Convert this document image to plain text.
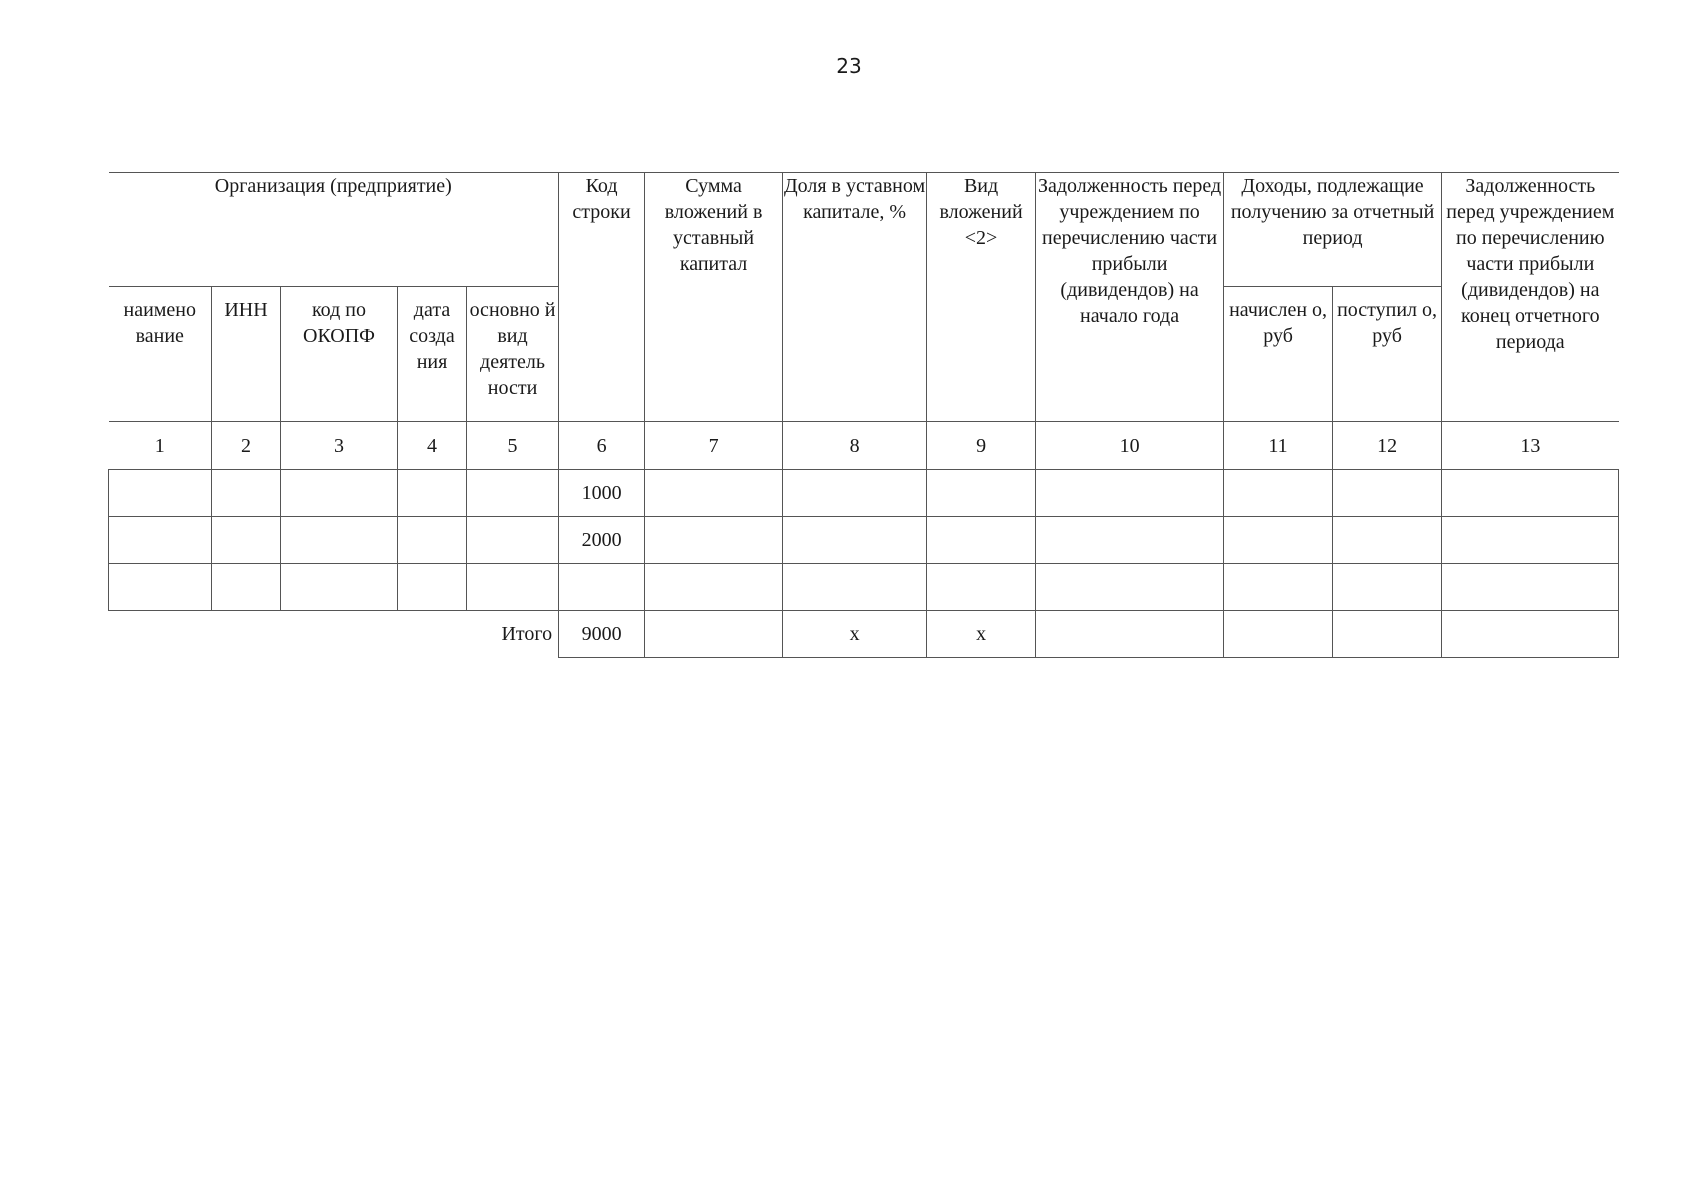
23
Организация (предприятие)					Код строки	Сумма вложений в уставный капитал	Доля в уставном капитале, %	Вид вложений <2>	Задолженность перед учреждением по перечислению части прибыли (дивидендов) на начало года	Доходы, подлежащие получению за отчетный период		Задолженность перед учреждением по перечислению части прибыли (дивидендов) на конец отчетного периода
наимено вание	ИНН	код по ОКОПФ	дата созда ния	основно й вид деятель ности						начислен о, руб	поступил о, руб	
1	2	3	4	5	6	7	8	9	10	11	12	13
					1000							
					2000							

Итого					9000		x	x				
